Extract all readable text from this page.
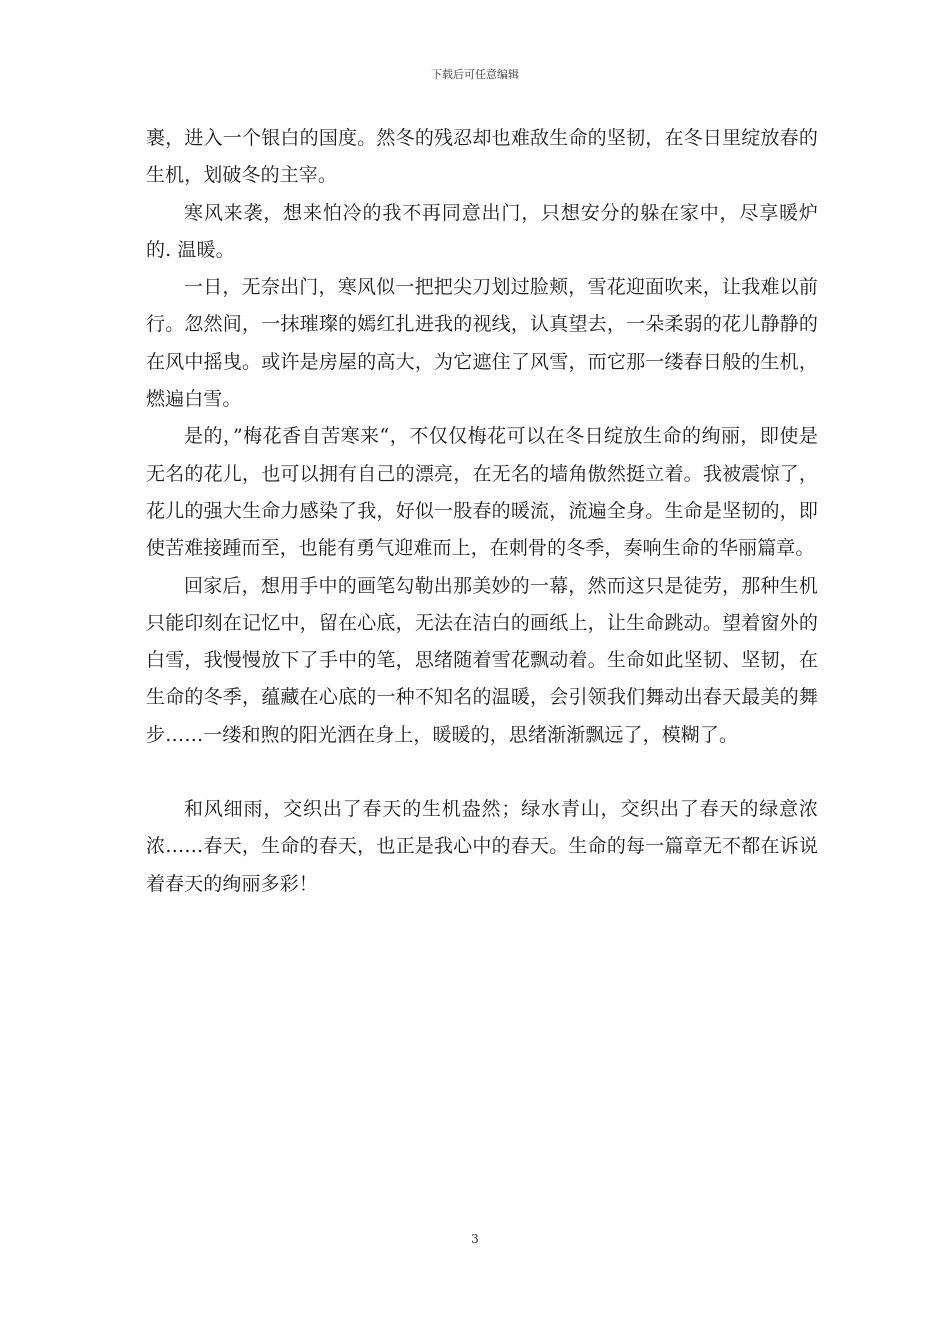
下载后可任意编辑

裹，进入一个银白的国度。然冬的残忍却也难敌生命的坚韧，在冬日里绽放春的生机，划破冬的主宰。

寒风来袭，想来怕冷的我不再同意出门，只想安分的躲在家中，尽享暖炉的. 温暖。

一日，无奈出门，寒风似一把把尖刀划过脸颊，雪花迎面吹来，让我难以前行。忽然间，一抹璀璨的嫣红扎进我的视线，认真望去，一朵柔弱的花儿静静的在风中摇曳。或许是房屋的高大，为它遮住了风雪，而它那一缕春日般的生机，燃遍白雪。

是的，”梅花香自苦寒来“，不仅仅梅花可以在冬日绽放生命的绚丽，即使是无名的花儿，也可以拥有自己的漂亮，在无名的墙角傲然挺立着。我被震惊了，花儿的强大生命力感染了我，好似一股春的暖流，流遍全身。生命是坚韧的，即使苦难接踵而至，也能有勇气迎难而上，在刺骨的冬季，奏响生命的华丽篇章。

回家后，想用手中的画笔勾勒出那美妙的一幕，然而这只是徒劳，那种生机只能印刻在记忆中，留在心底，无法在洁白的画纸上，让生命跳动。望着窗外的白雪，我慢慢放下了手中的笔，思绪随着雪花飘动着。生命如此坚韧、坚韧，在生命的冬季，蕴藏在心底的一种不知名的温暖，会引领我们舞动出春天最美的舞步……一缕和煦的阳光洒在身上，暖暖的，思绪渐渐飘远了，模糊了。

和风细雨，交织出了春天的生机盎然；绿水青山，交织出了春天的绿意浓浓……春天，生命的春天，也正是我心中的春天。生命的每一篇章无不都在诉说着春天的绚丽多彩！

3
